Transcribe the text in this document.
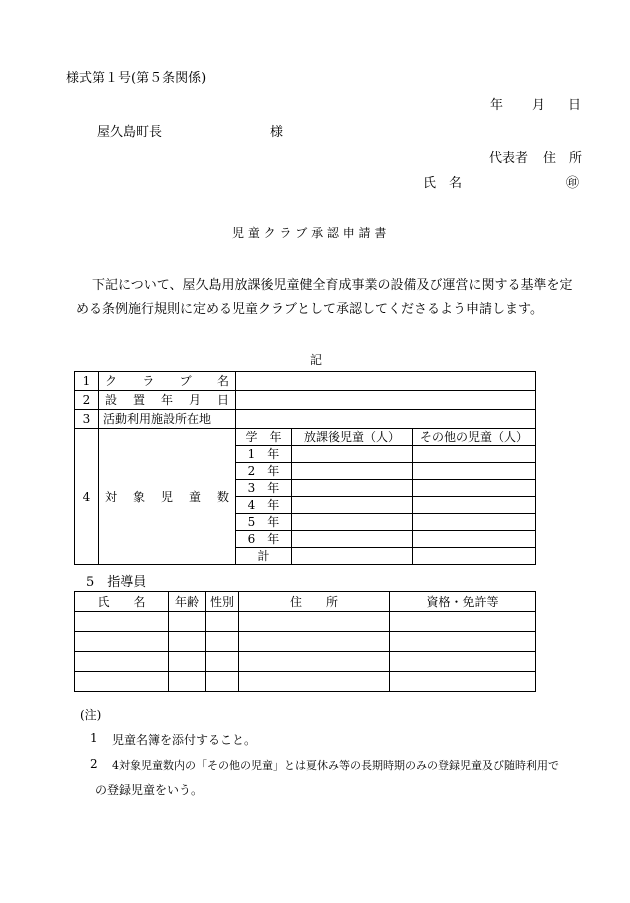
様式第１号(第５条関係)
年 月 日
屋久島町長	様
代表者 住　所
氏　名	㊞
児 童 ク ラ ブ 承 認 申 請 書
下記について、屋久島用放課後児童健全育成事業の設備及び運営に関する基準を定
める条例施行規則に定める児童クラブとして承認してくださるよう申請します。
記
1	ク ラ ブ 名			

2	設 置 年 月 日			

3	活動利用施設所在地			
4	対 象 児 童 数	学　年	放課後児童（人）	その他の児童（人）
		1　年		
		2　年		
		3　年		
		4　年		
		5　年		
		6　年		
		計		
5　指導員
氏　　名	年齢	性別	住　　所	資格・免許等

(注)
1 児童名簿を添付すること。
2 4対象児童数内の「その他の児童」とは夏休み等の長期時期のみの登録児童及び随時利用で
の登録児童をいう。
